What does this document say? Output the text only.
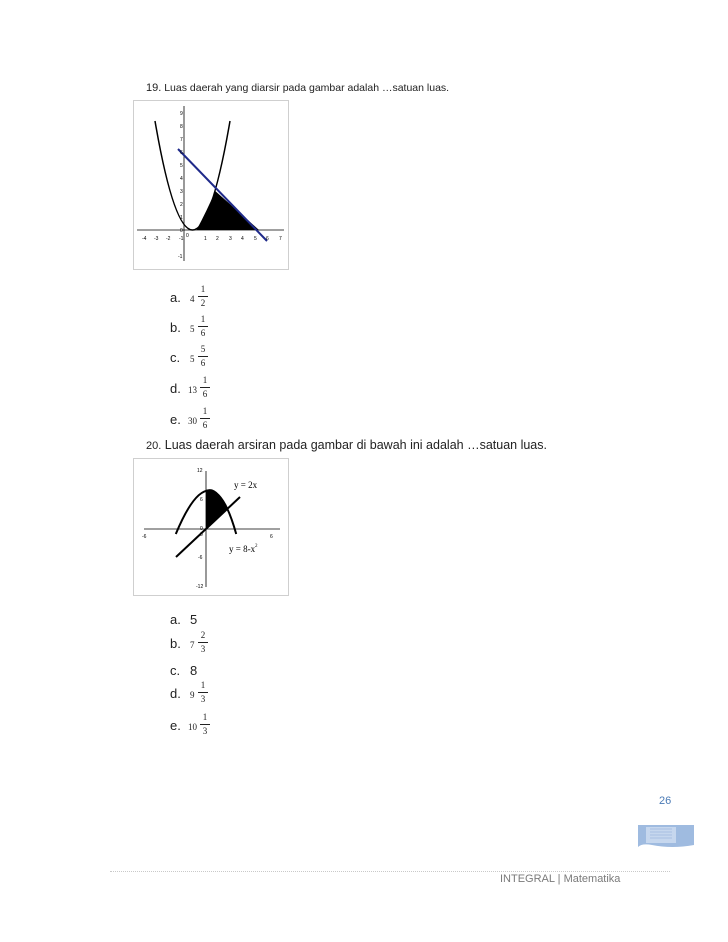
19. Luas daerah yang diarsir pada gambar adalah …satuan luas.
-4 -3 -2 -1 0	1 2 3 4 5 6 7
9
8
7
6
5
4
3
2
1
0
-1
a.	4
1
2
b.	5
1
6
c.	5
5
6
d. 13
1
6
e. 30
1
6
20. Luas daerah arsiran pada gambar di bawah ini adalah …satuan luas.
-6	0	6
12
6
0
-6
-12
y = 2x
y = 8-x 2
a. 5
b.	7
2
3
c. 8
d.	9
1
3
e. 10
1
3
26
INTEGRAL | Matematika
